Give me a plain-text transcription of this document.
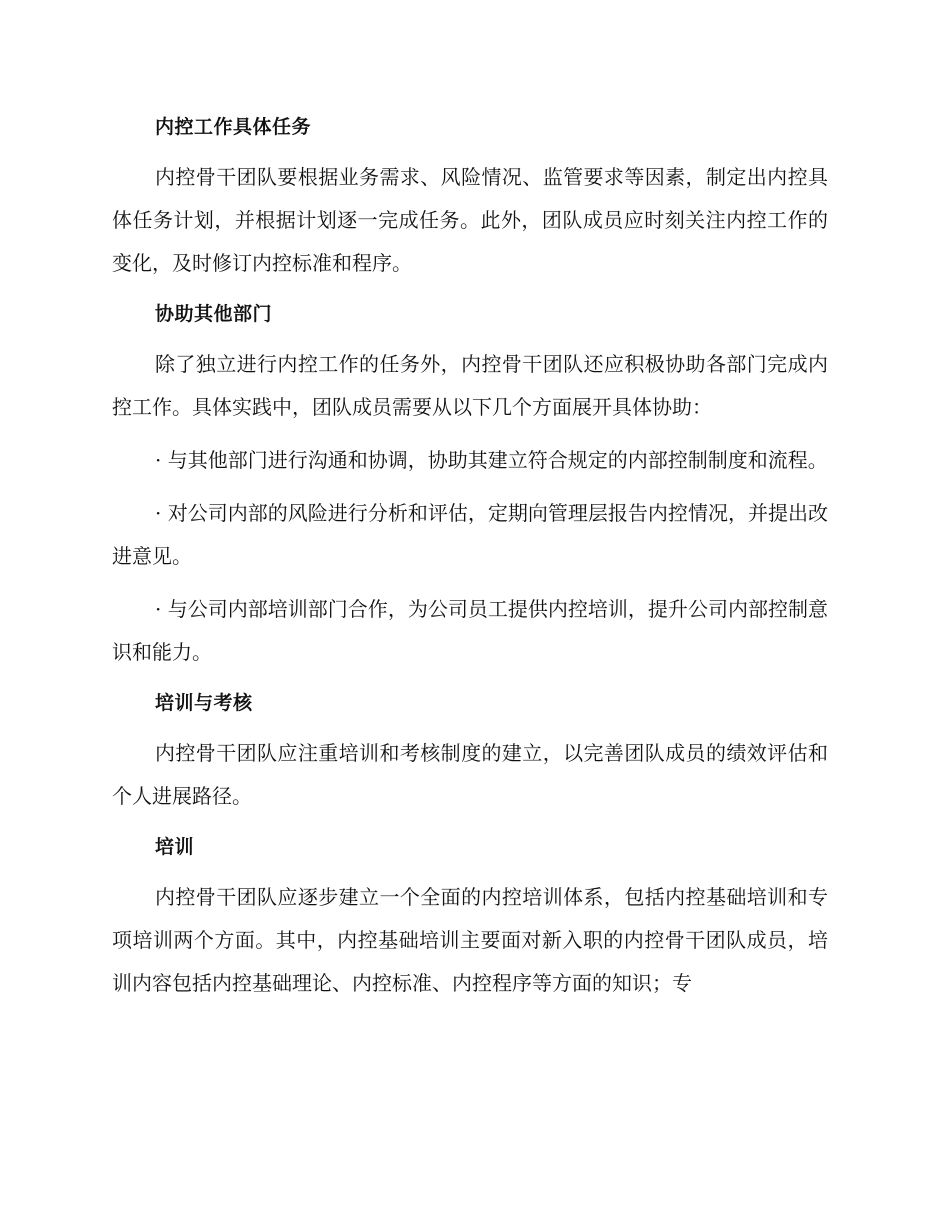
内控工作具体任务
内控骨干团队要根据业务需求、风险情况、监管要求等因素，制定出内控具体任务计划，并根据计划逐一完成任务。此外，团队成员应时刻关注内控工作的变化，及时修订内控标准和程序。
协助其他部门
除了独立进行内控工作的任务外，内控骨干团队还应积极协助各部门完成内控工作。具体实践中，团队成员需要从以下几个方面展开具体协助：
· 与其他部门进行沟通和协调，协助其建立符合规定的内部控制制度和流程。
· 对公司内部的风险进行分析和评估，定期向管理层报告内控情况，并提出改进意见。
· 与公司内部培训部门合作，为公司员工提供内控培训，提升公司内部控制意识和能力。
培训与考核
内控骨干团队应注重培训和考核制度的建立，以完善团队成员的绩效评估和个人进展路径。
培训
内控骨干团队应逐步建立一个全面的内控培训体系，包括内控基础培训和专项培训两个方面。其中，内控基础培训主要面对新入职的内控骨干团队成员，培训内容包括内控基础理论、内控标准、内控程序等方面的知识；专
